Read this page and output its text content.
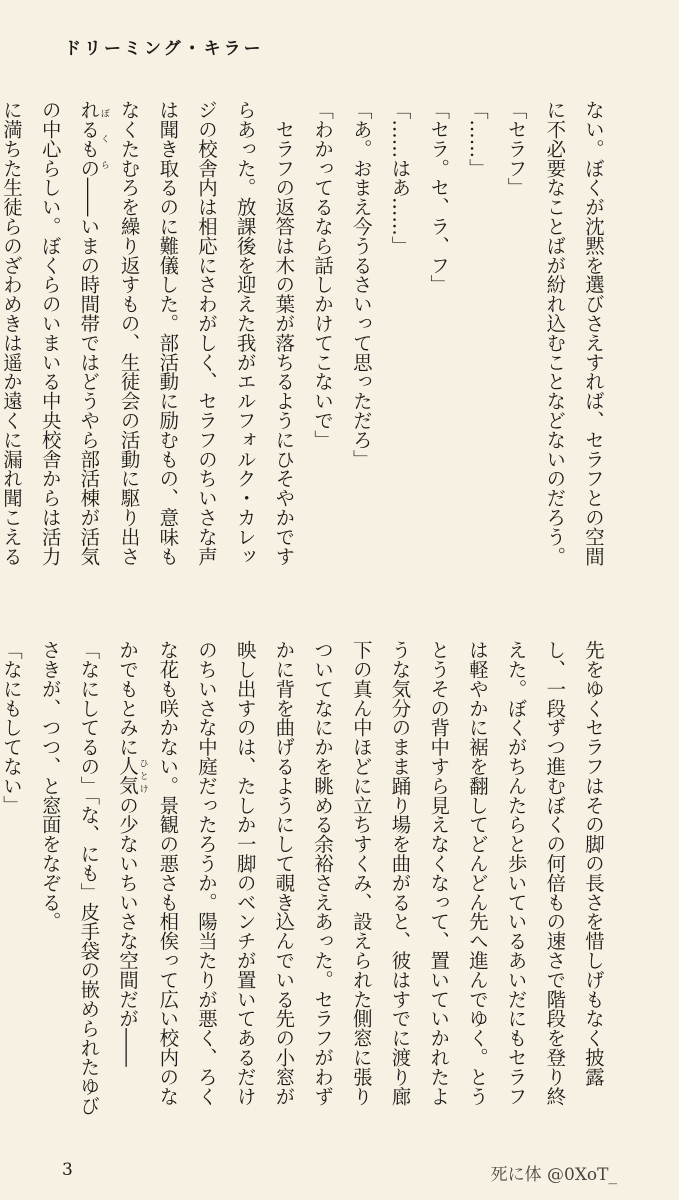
ドリーミング・キラー
ない。ぼくが沈黙を選びさえすれば、セラフとの空間
に不必要なことばが紛れ込むことなどないのだろう。
「セラフ」
「……」
「セラ。セ、ラ、フ」
「……はあ……」
「あ。おまえ今うるさいって思っただろ」
「わかってるなら話しかけてこないで」
　セラフの返答は木の葉が落ちるようにひそやかです
らあった。放課後を迎えた我がエルフォルク・カレッ
ジの校舎内は相応にさわがしく、セラフのちいさな声
は聞き取るのに難儀した。部活動に励むもの、意味も
なくたむろを繰り返すもの、生徒会の活動に駆り出さ
れるものぼくら――いまの時間帯ではどうやら部活棟が活気
の中心らしい。ぼくらのいまいる中央校舎からは活力
に満ちた生徒らのざわめきは遥か遠くに漏れ聞こえる
先をゆくセラフはその脚の長さを惜しげもなく披露
し、一段ずつ進むぼくの何倍もの速さで階段を登り終
えた。ぼくがちんたらと歩いているあいだにもセラフ
は軽やかに裾を翻してどんどん先へ進んでゆく。とう
とうその背中すら見えなくなって、置いていかれたよ
うな気分のまま踊り場を曲がると、彼はすでに渡り廊
下の真ん中ほどに立ちすくみ、設えられた側窓に張り
ついてなにかを眺める余裕さえあった。セラフがわず
かに背を曲げるようにして覗き込んでいる先の小窓が
映し出すのは、たしか一脚のベンチが置いてあるだけ
のちいさな中庭だったろうか。陽当たりが悪く、ろく
な花も咲かない。景観の悪さも相俟って広い校内のな
かでもとみに人気ひとけの少ないちいさな空間だが――
「なにしてるの」「な、にも」皮手袋の嵌められたゆび
さきが、つつ、と窓面をなぞる。
「なにもしてない」
3	死に体 @0XoT_
